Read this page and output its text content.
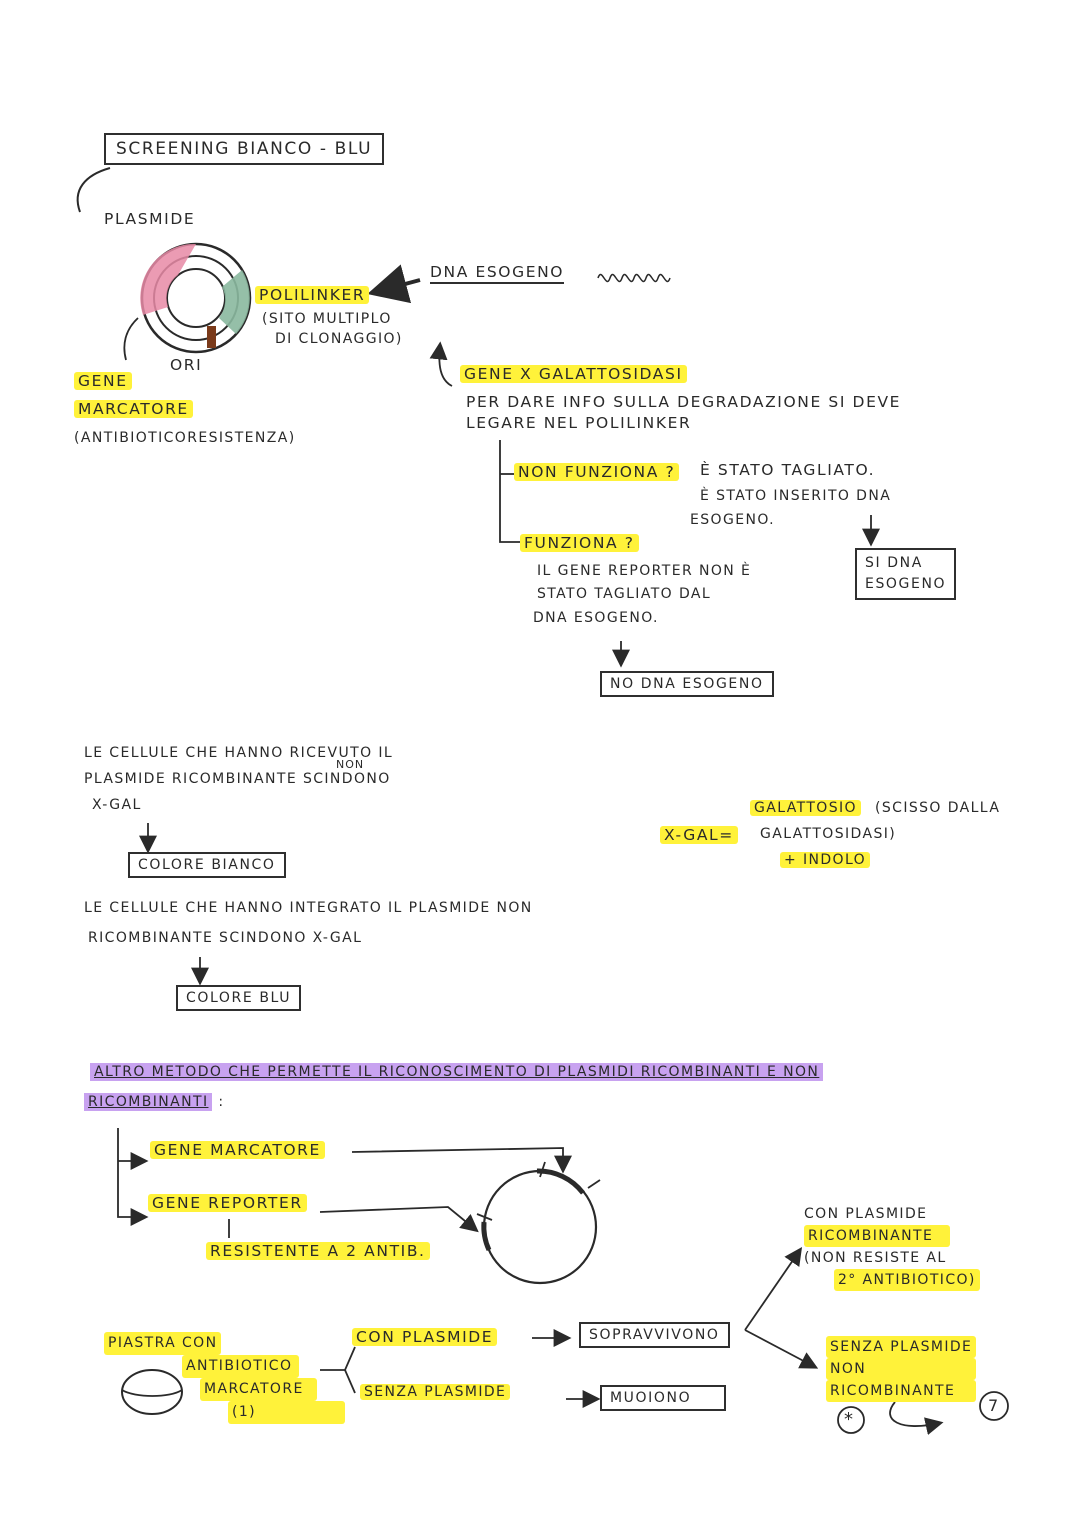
SCREENING BIANCO - BLU
PLASMIDE
ORI
POLILINKER
(SITO MULTIPLO
DI CLONAGGIO)
GENE
MARCATORE
(ANTIBIOTICORESISTENZA)
DNA ESOGENO
GENE X GALATTOSIDASI
PER DARE INFO SULLA DEGRADAZIONE SI DEVE
LEGARE NEL POLILINKER
NON FUNZIONA ? È STATO TAGLIATO.
È STATO INSERITO DNA
ESOGENO.
SI DNA
ESOGENO
FUNZIONA ?
IL GENE REPORTER NON È
STATO TAGLIATO DAL
DNA ESOGENO.
NO DNA ESOGENO
LE CELLULE CHE HANNO RICEVUTO IL
PLASMIDE RICOMBINANTE SCINDONO
NON
X-GAL
COLORE BIANCO
LE CELLULE CHE HANNO INTEGRATO IL PLASMIDE NON
RICOMBINANTE SCINDONO X-GAL
COLORE BLU
GALATTOSIO (SCISSO DALLA
X-GAL= GALATTOSIDASI)
+ INDOLO
ALTRO METODO CHE PERMETTE IL RICONOSCIMENTO DI PLASMIDI RICOMBINANTI E NON
RICOMBINANTI :
GENE MARCATORE
GENE REPORTER
RESISTENTE A 2 ANTIB.
CON PLASMIDE
RICOMBINANTE
(NON RESISTE AL
2° ANTIBIOTICO)
PIASTRA CON
ANTIBIOTICO
MARCATORE
(1)
CON PLASMIDE
SENZA PLASMIDE
SOPRAVVIVONO
MUOIONO
SENZA PLASMIDE
NON
RICOMBINANTE
*
7
